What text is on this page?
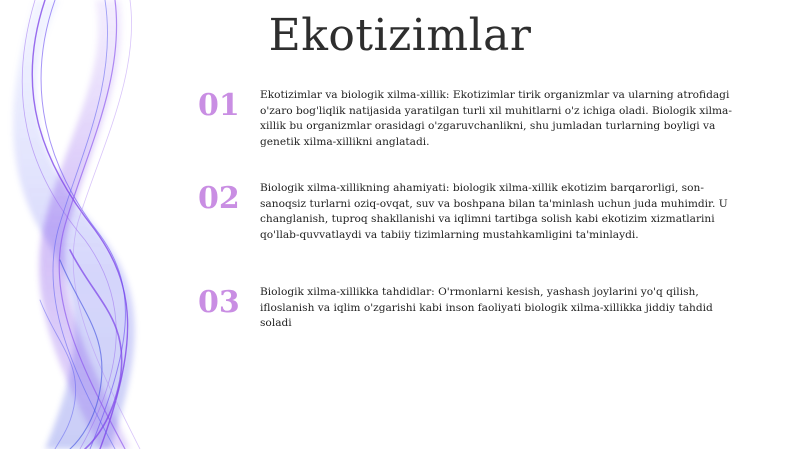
Ekotizimlar
01	Ekotizimlar va biologik xilma-xillik: Ekotizimlar tirik organizmlar va ularning atrofidagi o'zaro bog'liqlik natijasida yaratilgan turli xil muhitlarni o'z ichiga oladi. Biologik xilma-xillik bu organizmlar orasidagi o'zgaruvchanlikni, shu jumladan turlarning boyligi va genetik xilma-xillikni anglatadi.

02	Biologik xilma-xillikning ahamiyati: biologik xilma-xillik ekotizim barqarorligi, son-sanoqsiz turlarni oziq-ovqat, suv va boshpana bilan ta'minlash uchun juda muhimdir. U changlanish, tuproq shakllanishi va iqlimni tartibga solish kabi ekotizim xizmatlarini qo'llab-quvvatlaydi va tabiiy tizimlarning mustahkamligini ta'minlaydi.

03	Biologik xilma-xillikka tahdidlar: O'rmonlarni kesish, yashash joylarini yo'q qilish, ifloslanish va iqlim o'zgarishi kabi inson faoliyati biologik xilma-xillikka jiddiy tahdid soladi
